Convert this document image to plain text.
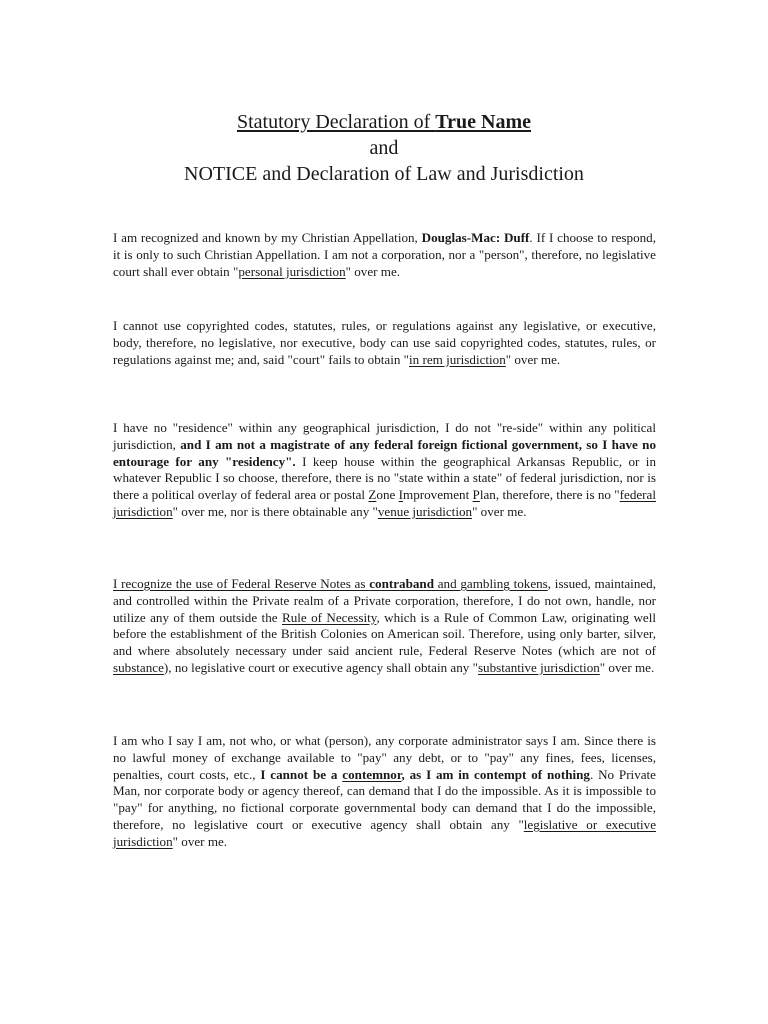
Statutory Declaration of True Name
and
NOTICE and Declaration of Law and Jurisdiction

I am recognized and known by my Christian Appellation, Douglas-Mac: Duff. If I choose to respond, it is only to such Christian Appellation. I am not a corporation, nor a "person", therefore, no legislative court shall ever obtain "personal jurisdiction" over me.

I cannot use copyrighted codes, statutes, rules, or regulations against any legislative, or executive, body, therefore, no legislative, nor executive, body can use said copyrighted codes, statutes, rules, or regulations against me; and, said "court" fails to obtain "in rem jurisdiction" over me.

I have no "residence" within any geographical jurisdiction, I do not "re-side" within any political jurisdiction, and I am not a magistrate of any federal foreign fictional government, so I have no entourage for any "residency". I keep house within the geographical Arkansas Republic, or in whatever Republic I so choose, therefore, there is no "state within a state" of federal jurisdiction, nor is there a political overlay of federal area or postal Zone Improvement Plan, therefore, there is no "federal jurisdiction" over me, nor is there obtainable any "venue jurisdiction" over me.

I recognize the use of Federal Reserve Notes as contraband and gambling tokens, issued, maintained, and controlled within the Private realm of a Private corporation, therefore, I do not own, handle, nor utilize any of them outside the Rule of Necessity, which is a Rule of Common Law, originating well before the establishment of the British Colonies on American soil. Therefore, using only barter, silver, and where absolutely necessary under said ancient rule, Federal Reserve Notes (which are not of substance), no legislative court or executive agency shall obtain any "substantive jurisdiction" over me.

I am who I say I am, not who, or what (person), any corporate administrator says I am. Since there is no lawful money of exchange available to "pay" any debt, or to "pay" any fines, fees, licenses, penalties, court costs, etc., I cannot be a contemnor, as I am in contempt of nothing. No Private Man, nor corporate body or agency thereof, can demand that I do the impossible. As it is impossible to "pay" for anything, no fictional corporate governmental body can demand that I do the impossible, therefore, no legislative court or executive agency shall obtain any "legislative or executive jurisdiction" over me.
